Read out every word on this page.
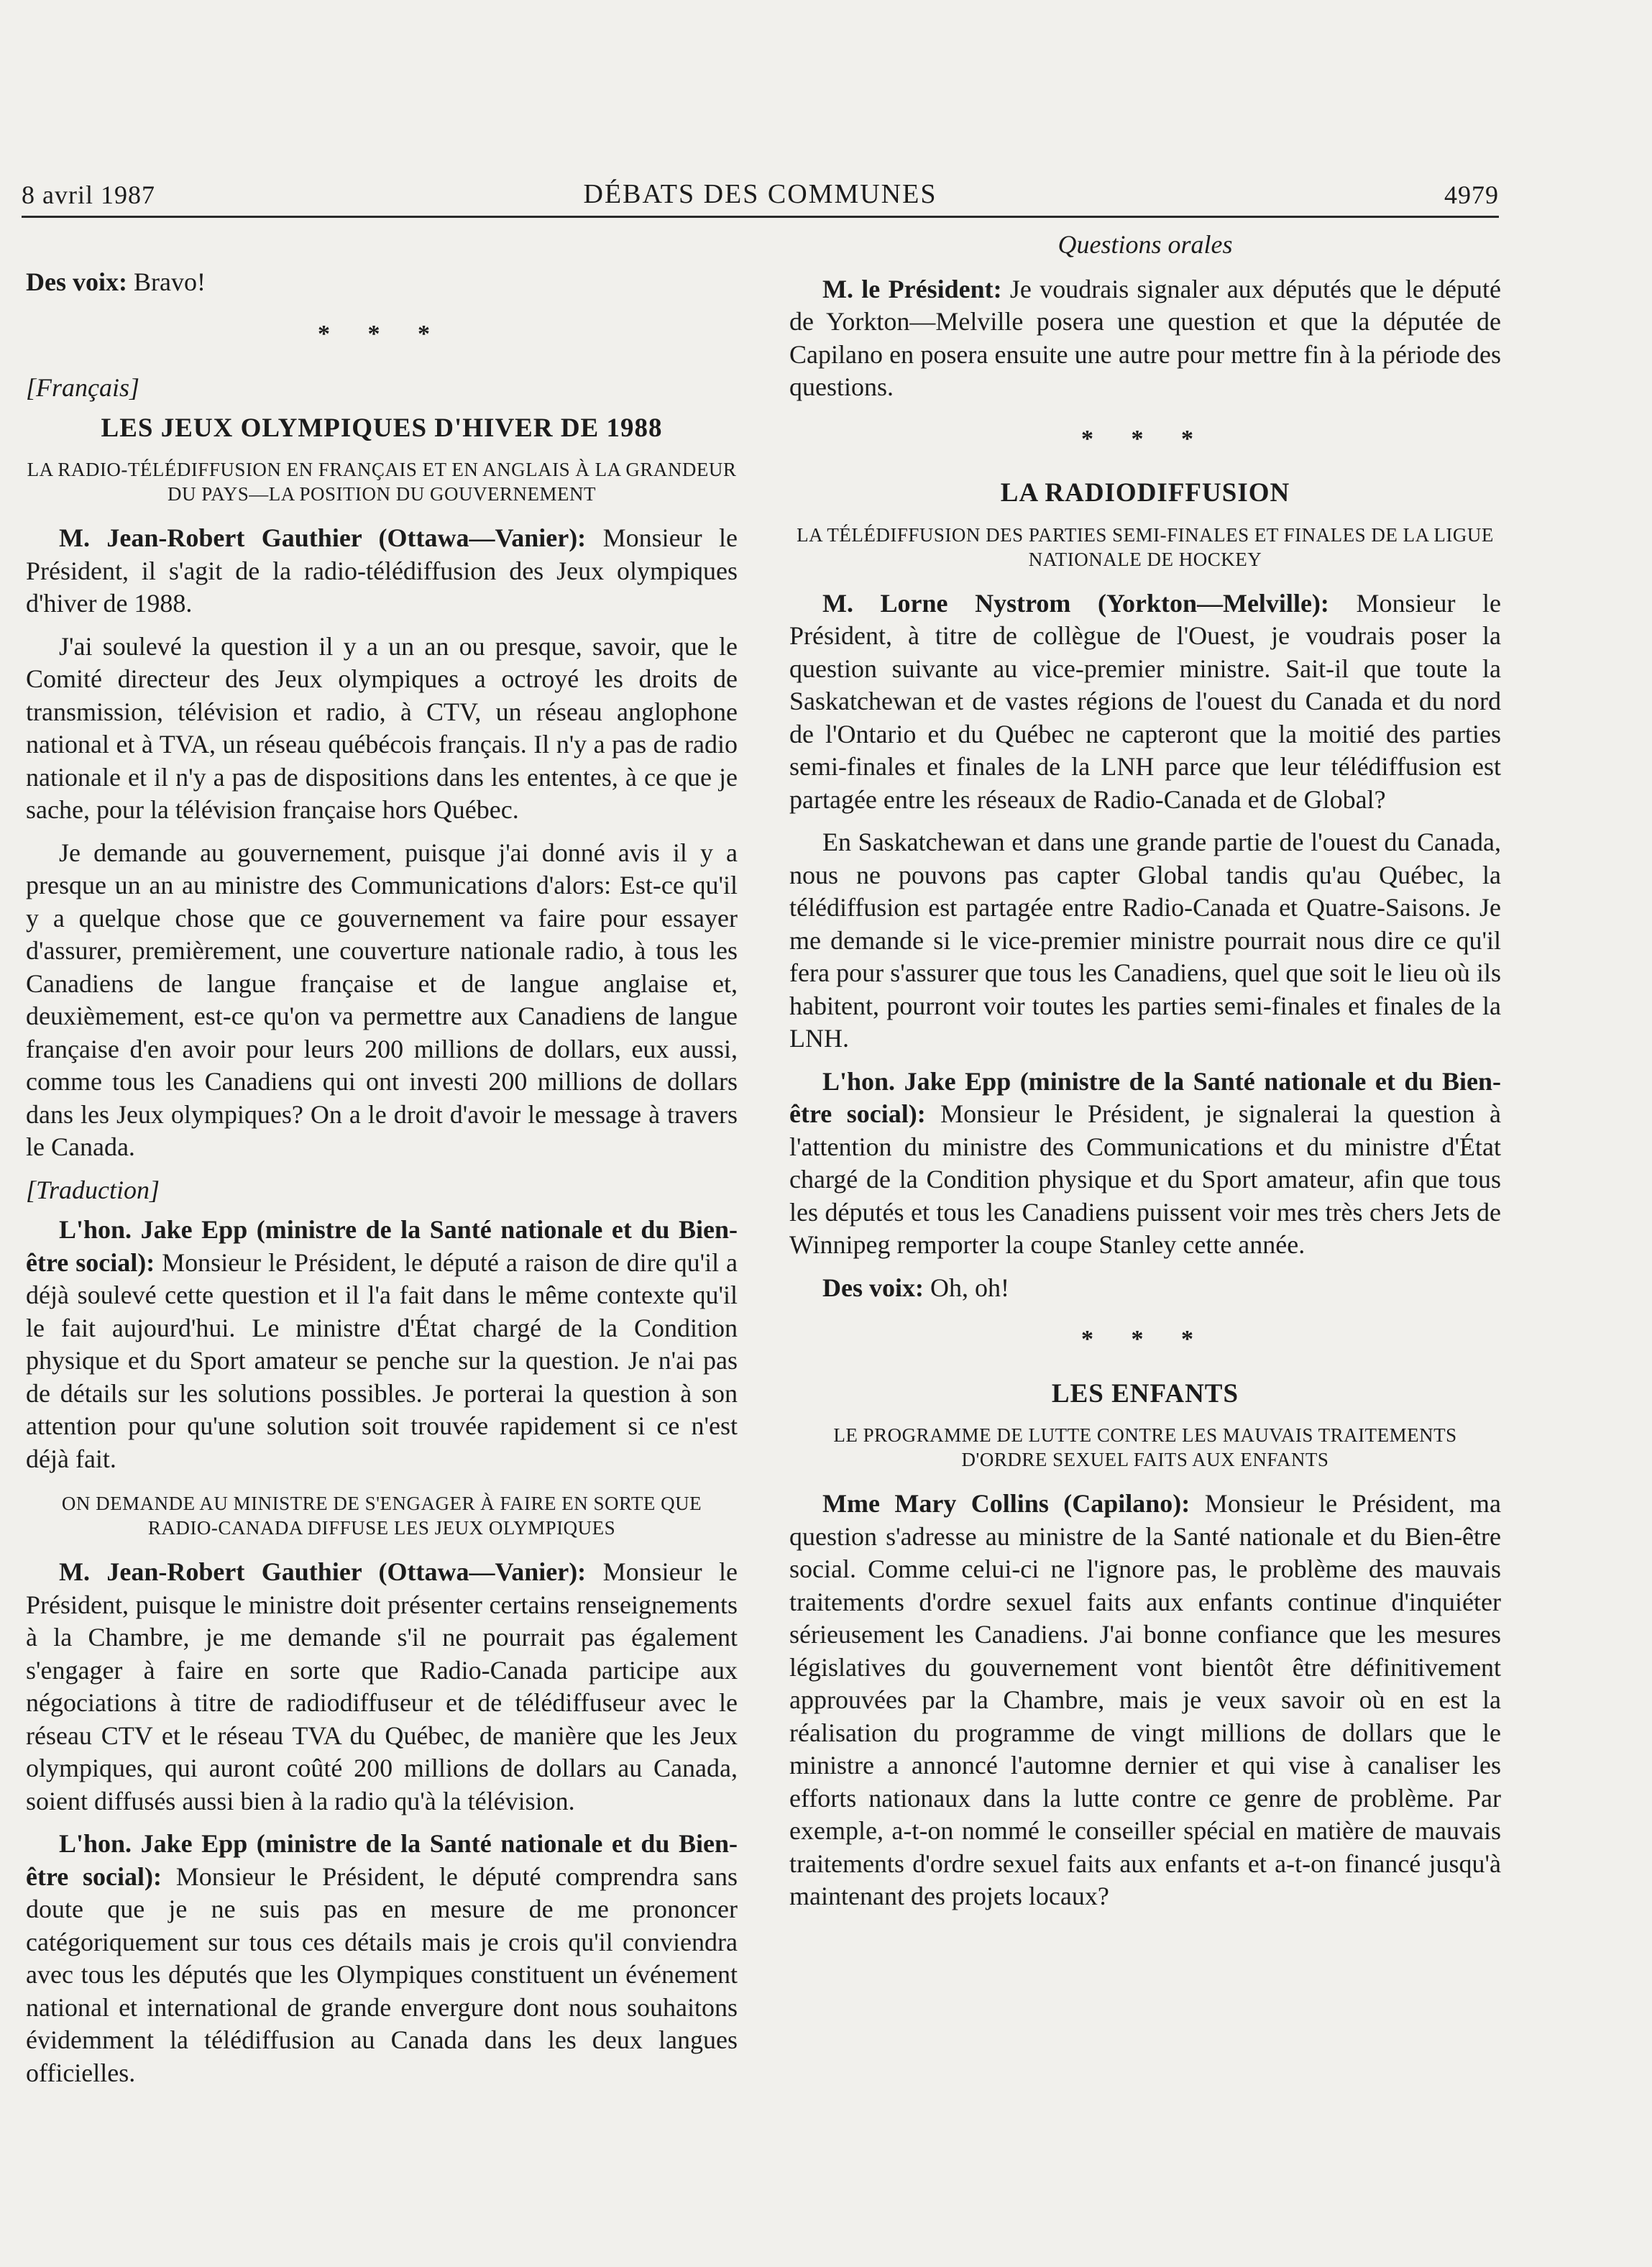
8 avril 1987	DÉBATS DES COMMUNES	4979

Des voix: Bravo!

* * *
[Français]
LES JEUX OLYMPIQUES D'HIVER DE 1988
LA RADIO-TÉLÉDIFFUSION EN FRANÇAIS ET EN ANGLAIS À LA GRANDEUR DU PAYS—LA POSITION DU GOUVERNEMENT

M. Jean-Robert Gauthier (Ottawa—Vanier): Monsieur le Président, il s'agit de la radio-télédiffusion des Jeux olympiques d'hiver de 1988.

J'ai soulevé la question il y a un an ou presque, savoir, que le Comité directeur des Jeux olympiques a octroyé les droits de transmission, télévision et radio, à CTV, un réseau anglophone national et à TVA, un réseau québécois français. Il n'y a pas de radio nationale et il n'y a pas de dispositions dans les ententes, à ce que je sache, pour la télévision française hors Québec.

Je demande au gouvernement, puisque j'ai donné avis il y a presque un an au ministre des Communications d'alors: Est-ce qu'il y a quelque chose que ce gouvernement va faire pour essayer d'assurer, premièrement, une couverture nationale radio, à tous les Canadiens de langue française et de langue anglaise et, deuxièmement, est-ce qu'on va permettre aux Canadiens de langue française d'en avoir pour leurs 200 millions de dollars, eux aussi, comme tous les Canadiens qui ont investi 200 millions de dollars dans les Jeux olympiques? On a le droit d'avoir le message à travers le Canada.

[Traduction]

L'hon. Jake Epp (ministre de la Santé nationale et du Bien-être social): Monsieur le Président, le député a raison de dire qu'il a déjà soulevé cette question et il l'a fait dans le même contexte qu'il le fait aujourd'hui. Le ministre d'État chargé de la Condition physique et du Sport amateur se penche sur la question. Je n'ai pas de détails sur les solutions possibles. Je porterai la question à son attention pour qu'une solution soit trouvée rapidement si ce n'est déjà fait.

ON DEMANDE AU MINISTRE DE S'ENGAGER À FAIRE EN SORTE QUE RADIO-CANADA DIFFUSE LES JEUX OLYMPIQUES

M. Jean-Robert Gauthier (Ottawa—Vanier): Monsieur le Président, puisque le ministre doit présenter certains renseignements à la Chambre, je me demande s'il ne pourrait pas également s'engager à faire en sorte que Radio-Canada participe aux négociations à titre de radiodiffuseur et de télédiffuseur avec le réseau CTV et le réseau TVA du Québec, de manière que les Jeux olympiques, qui auront coûté 200 millions de dollars au Canada, soient diffusés aussi bien à la radio qu'à la télévision.

L'hon. Jake Epp (ministre de la Santé nationale et du Bien-être social): Monsieur le Président, le député comprendra sans doute que je ne suis pas en mesure de me prononcer catégoriquement sur tous ces détails mais je crois qu'il conviendra avec tous les députés que les Olympiques constituent un événement national et international de grande envergure dont nous souhaitons évidemment la télédiffusion au Canada dans les deux langues officielles.

Questions orales

M. le Président: Je voudrais signaler aux députés que le député de Yorkton—Melville posera une question et que la députée de Capilano en posera ensuite une autre pour mettre fin à la période des questions.

* * *
LA RADIODIFFUSION
LA TÉLÉDIFFUSION DES PARTIES SEMI-FINALES ET FINALES DE LA LIGUE NATIONALE DE HOCKEY

M. Lorne Nystrom (Yorkton—Melville): Monsieur le Président, à titre de collègue de l'Ouest, je voudrais poser la question suivante au vice-premier ministre. Sait-il que toute la Saskatchewan et de vastes régions de l'ouest du Canada et du nord de l'Ontario et du Québec ne capteront que la moitié des parties semi-finales et finales de la LNH parce que leur télédiffusion est partagée entre les réseaux de Radio-Canada et de Global?

En Saskatchewan et dans une grande partie de l'ouest du Canada, nous ne pouvons pas capter Global tandis qu'au Québec, la télédiffusion est partagée entre Radio-Canada et Quatre-Saisons. Je me demande si le vice-premier ministre pourrait nous dire ce qu'il fera pour s'assurer que tous les Canadiens, quel que soit le lieu où ils habitent, pourront voir toutes les parties semi-finales et finales de la LNH.

L'hon. Jake Epp (ministre de la Santé nationale et du Bien-être social): Monsieur le Président, je signalerai la question à l'attention du ministre des Communications et du ministre d'État chargé de la Condition physique et du Sport amateur, afin que tous les députés et tous les Canadiens puissent voir mes très chers Jets de Winnipeg remporter la coupe Stanley cette année.

Des voix: Oh, oh!

* * *
LES ENFANTS
LE PROGRAMME DE LUTTE CONTRE LES MAUVAIS TRAITEMENTS D'ORDRE SEXUEL FAITS AUX ENFANTS

Mme Mary Collins (Capilano): Monsieur le Président, ma question s'adresse au ministre de la Santé nationale et du Bien-être social. Comme celui-ci ne l'ignore pas, le problème des mauvais traitements d'ordre sexuel faits aux enfants continue d'inquiéter sérieusement les Canadiens. J'ai bonne confiance que les mesures législatives du gouvernement vont bientôt être définitivement approuvées par la Chambre, mais je veux savoir où en est la réalisation du programme de vingt millions de dollars que le ministre a annoncé l'automne dernier et qui vise à canaliser les efforts nationaux dans la lutte contre ce genre de problème. Par exemple, a-t-on nommé le conseiller spécial en matière de mauvais traitements d'ordre sexuel faits aux enfants et a-t-on financé jusqu'à maintenant des projets locaux?
